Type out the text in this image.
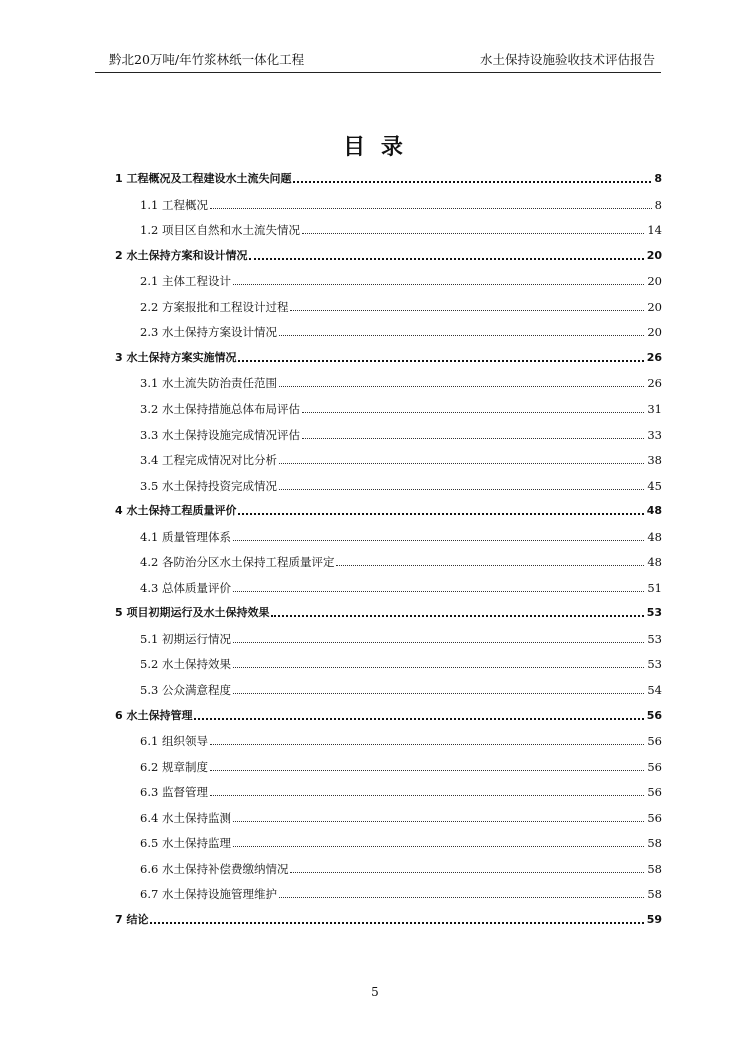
黔北20万吨/年竹浆林纸一体化工程	水土保持设施验收技术评估报告
目 录
1 工程概况及工程建设水土流失问题	8
1.1 工程概况	8
1.2 项目区自然和水土流失情况	14
2 水土保持方案和设计情况	20
2.1 主体工程设计	20
2.2 方案报批和工程设计过程	20
2.3 水土保持方案设计情况	20
3 水土保持方案实施情况	26
3.1 水土流失防治责任范围	26
3.2 水土保持措施总体布局评估	31
3.3 水土保持设施完成情况评估	33
3.4 工程完成情况对比分析	38
3.5 水土保持投资完成情况	45
4 水土保持工程质量评价	48
4.1 质量管理体系	48
4.2 各防治分区水土保持工程质量评定	48
4.3 总体质量评价	51
5 项目初期运行及水土保持效果	53
5.1 初期运行情况	53
5.2 水土保持效果	53
5.3 公众满意程度	54
6 水土保持管理	56
6.1 组织领导	56
6.2 规章制度	56
6.3 监督管理	56
6.4 水土保持监测	56
6.5 水土保持监理	58
6.6 水土保持补偿费缴纳情况	58
6.7 水土保持设施管理维护	58
7 结论	59
5
